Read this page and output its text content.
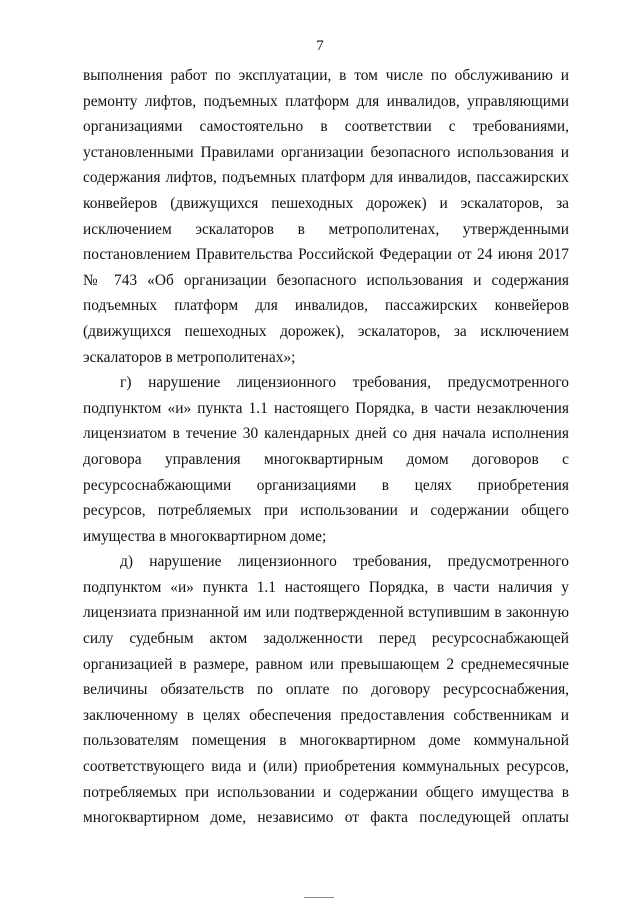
7
выполнения работ по эксплуатации, в том числе по обслуживанию и
ремонту лифтов, подъемных платформ для инвалидов, управляющими
организациями самостоятельно в соответствии с требованиями,
установленными Правилами организации безопасного использования и
содержания лифтов, подъемных платформ для инвалидов, пассажирских
конвейеров (движущихся пешеходных дорожек) и эскалаторов, за
исключением эскалаторов в метрополитенах, утвержденными
постановлением Правительства Российской Федерации от 24 июня 2017
№ 743 «Об организации безопасного использования и содержания
подъемных платформ для инвалидов, пассажирских конвейеров
(движущихся пешеходных дорожек), эскалаторов, за исключением
эскалаторов в метрополитенах»;
г) нарушение лицензионного требования, предусмотренного
подпунктом «и» пункта 1.1 настоящего Порядка, в части незаключения
лицензиатом в течение 30 календарных дней со дня начала исполнения
договора управления многоквартирным домом договоров с
ресурсоснабжающими организациями в целях приобретения
ресурсов, потребляемых при использовании и содержании общего
имущества в многоквартирном доме;
д) нарушение лицензионного требования, предусмотренного
подпунктом «и» пункта 1.1 настоящего Порядка, в части наличия у
лицензиата признанной им или подтвержденной вступившим в законную
силу судебным актом задолженности перед ресурсоснабжающей
организацией в размере, равном или превышающем 2 среднемесячные
величины обязательств по оплате по договору ресурсоснабжения,
заключенному в целях обеспечения предоставления собственникам и
пользователям помещения в многоквартирном доме коммунальной
соответствующего вида и (или) приобретения коммунальных ресурсов,
потребляемых при использовании и содержании общего имущества в
многоквартирном доме, независимо от факта последующей оплаты
